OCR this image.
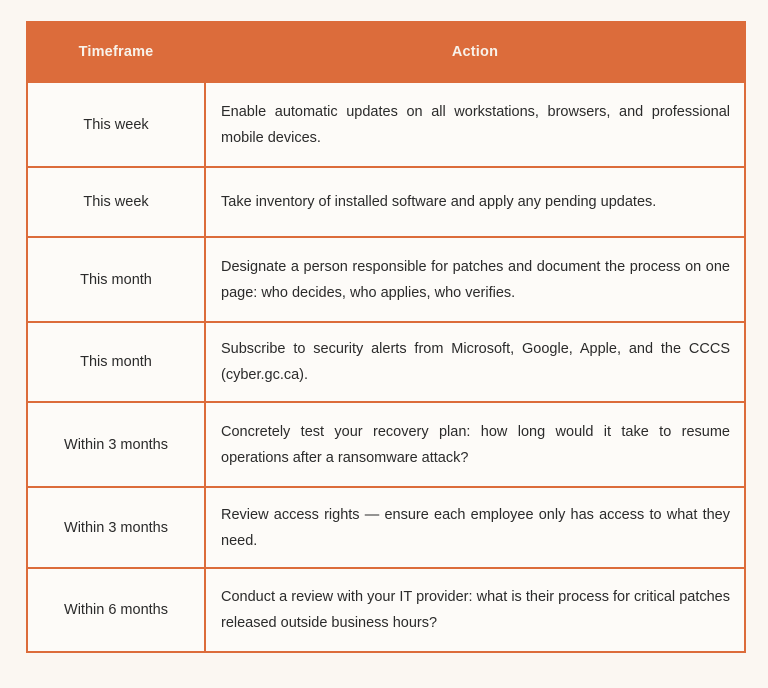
Timeframe	Action
This week	Enable automatic updates on all workstations, browsers, and professional mobile devices.
This week	Take inventory of installed software and apply any pending updates.
This month	Designate a person responsible for patches and document the process on one page: who decides, who applies, who verifies.
This month	Subscribe to security alerts from Microsoft, Google, Apple, and the CCCS (cyber.gc.ca).
Within 3 months	Concretely test your recovery plan: how long would it take to resume operations after a ransomware attack?
Within 3 months	Review access rights — ensure each employee only has access to what they need.
Within 6 months	Conduct a review with your IT provider: what is their process for critical patches released outside business hours?
